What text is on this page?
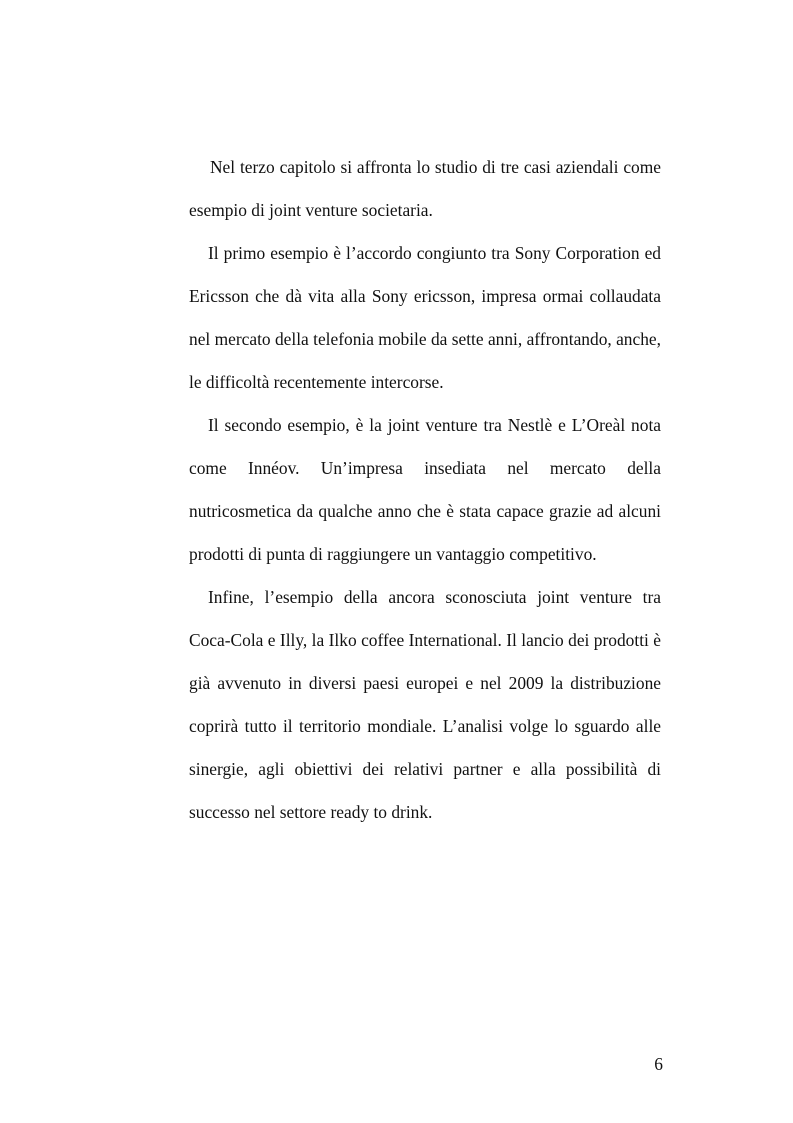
Nel terzo capitolo si affronta lo studio di tre casi aziendali come esempio di joint venture societaria.

Il primo esempio è l’accordo congiunto tra Sony Corporation ed Ericsson che dà vita alla Sony ericsson, impresa ormai collaudata nel mercato della telefonia mobile da sette anni, affrontando, anche, le difficoltà recentemente intercorse.

Il secondo esempio, è la joint venture tra Nestlè e L’Oreàl nota come Innéov. Un’impresa insediata nel mercato della nutricosmetica da qualche anno che è stata capace grazie ad alcuni prodotti di punta di raggiungere un vantaggio competitivo.

Infine, l’esempio della ancora sconosciuta joint venture tra Coca-Cola e Illy, la Ilko coffee International. Il lancio dei prodotti è già avvenuto in diversi paesi europei e nel 2009 la distribuzione coprirà tutto il territorio mondiale. L’analisi volge lo sguardo alle sinergie, agli obiettivi dei relativi partner e alla possibilità di successo nel settore ready to drink.

6
